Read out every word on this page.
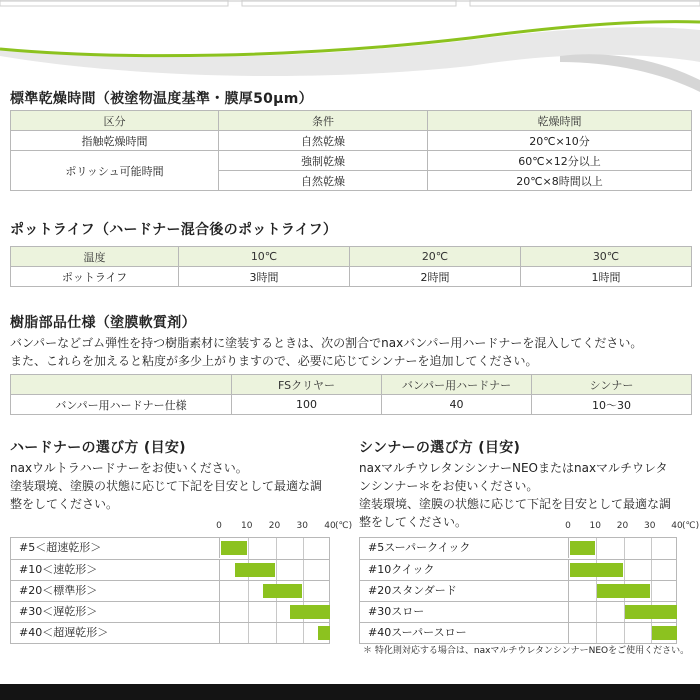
標準乾燥時間（被塗物温度基準・膜厚50μm）
区分	条件	乾燥時間
指触乾燥時間	自然乾燥	20℃×10分
ポリッシュ可能時間	強制乾燥	60℃×12分以上
	自然乾燥	20℃×8時間以上
ポットライフ（ハードナー混合後のポットライフ）
温度	10℃	20℃	30℃
ポットライフ	3時間	2時間	1時間
樹脂部品仕様（塗膜軟質剤）
バンパーなどゴム弾性を持つ樹脂素材に塗装するときは、次の割合でnaxバンパー用ハードナーを混入してください。
また、これらを加えると粘度が多少上がりますので、必要に応じてシンナーを追加してください。
	FSクリヤー	バンパー用ハードナー	シンナー
バンパー用ハードナー仕様	100	40	10〜30
ハードナーの選び方 (目安)
naxウルトラハードナーをお使いください。
塗装環境、塗膜の状態に応じて下記を目安として最適な調
整をしてください。
シンナーの選び方 (目安)
naxマルチウレタンシンナーNEOまたはnaxマルチウレタ
ンシンナー＊をお使いください。
塗装環境、塗膜の状態に応じて下記を目安として最適な調
整をしてください。
＊ 特化則対応する場合は、naxマルチウレタンシンナーNEOをご使用ください。
0 10 20 30 40 (℃)
#5＜超速乾形＞
#10＜速乾形＞
#20＜標準形＞
#30＜遅乾形＞
#40＜超遅乾形＞
0 10 20 30 40 (℃)
#5スーパークイック
#10クイック
#20スタンダード
#30スロー
#40スーパースロー
